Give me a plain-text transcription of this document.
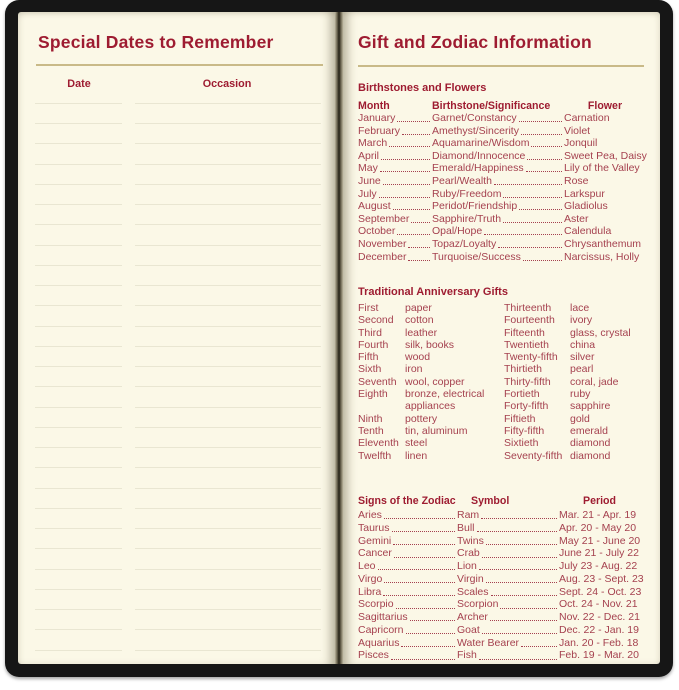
Special Dates to Remember
Date	Occasion
Gift and Zodiac Information
Birthstones and Flowers
Month	Birthstone/Significance	Flower
January	Garnet/Constancy	Carnation
February	Amethyst/Sincerity	Violet
March	Aquamarine/Wisdom	Jonquil
April	Diamond/Innocence	Sweet Pea, Daisy
May	Emerald/Happiness	Lily of the Valley
June	Pearl/Wealth	Rose
July	Ruby/Freedom	Larkspur
August	Peridot/Friendship	Gladiolus
September Sapphire/Truth	Aster
October	Opal/Hope	Calendula
November Topaz/Loyalty	Chrysanthemum
December Turquoise/Success	Narcissus, Holly
Traditional Anniversary Gifts
First	paper
Second	cotton
Third	leather
Fourth	silk, books
Fifth	wood
Sixth	iron
Seventh wool, copper
Eighth	bronze, electrical appliances
Ninth	pottery
Tenth	tin, aluminum
Eleventh steel
Twelfth	linen
Thirteenth	lace
Fourteenth	ivory
Fifteenth	glass, crystal
Twentieth	china
Twenty-fifth	silver
Thirtieth	pearl
Thirty-fifth	coral, jade
Fortieth	ruby
Forty-fifth	sapphire
Fiftieth	gold
Fifty-fifth	emerald
Sixtieth	diamond
Seventy-fifth diamond
Signs of the Zodiac	Symbol	Period
Aries	Ram	Mar. 21 - Apr. 19
Taurus	Bull	Apr. 20 - May 20
Gemini	Twins	May 21 - June 20
Cancer	Crab	June 21 - July 22
Leo	Lion	July 23 - Aug. 22
Virgo	Virgin	Aug. 23 - Sept. 23
Libra	Scales	Sept. 24 - Oct. 23
Scorpio	Scorpion	Oct. 24 - Nov. 21
Sagittarius	Archer	Nov. 22 - Dec. 21
Capricorn	Goat	Dec. 22 - Jan. 19
Aquarius	Water Bearer	Jan. 20 - Feb. 18
Pisces	Fish	Feb. 19 - Mar. 20
